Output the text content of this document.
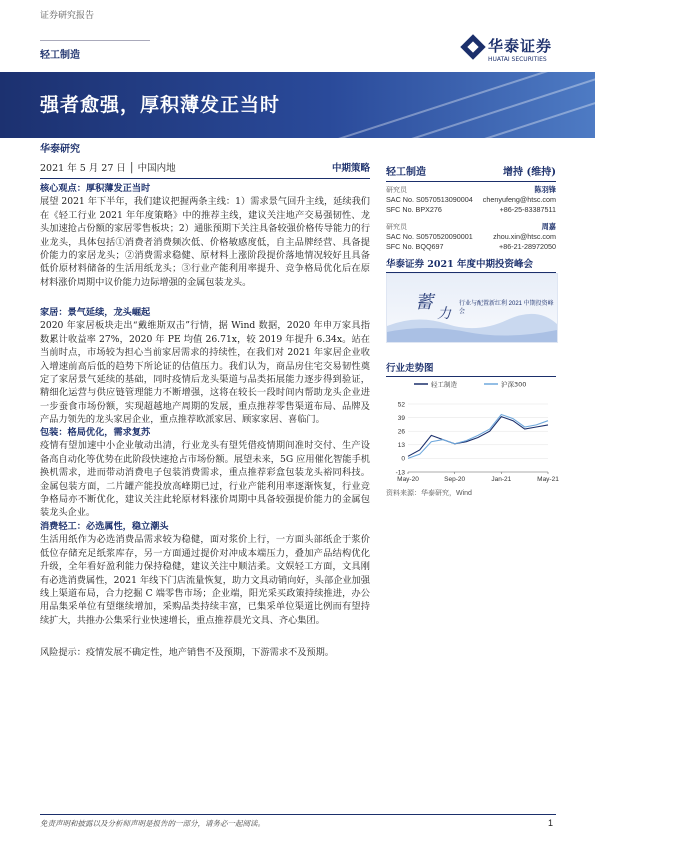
证券研究报告
轻工制造
华泰证券
HUATAI SECURITIES
强者愈强，厚积薄发正当时
华泰研究
2021 年 5 月 27 日 │ 中国内地	中期策略
核心观点：厚积薄发正当时
展望 2021 年下半年，我们建议把握两条主线：1）需求景气回升主线，延续我们在《轻工行业 2021 年年度策略》中的推荐主线，建议关注地产交易强韧性、龙头加速抢占份额的家居零售板块；2）通胀预期下关注具备较强价格传导能力的行业龙头，具体包括①消费者消费频次低、价格敏感度低，自主品牌经营、具备提价能力的家居龙头；②消费需求稳健、原材料上涨阶段提价落地情况较好且具备低价原材料储备的生活用纸龙头；③行业产能利用率提升、竞争格局优化后在原材料涨价周期中议价能力边际增强的金属包装龙头。
家居：景气延续，龙头崛起
2020 年家居板块走出“戴维斯双击”行情，据 Wind 数据，2020 年申万家具指数累计收益率 27%，2020 年 PE 均值 26.71x，较 2019 年提升 6.34x。站在当前时点，市场较为担心当前家居需求的持续性，在我们对 2021 年家居企业收入增速前高后低的趋势下所论证的估值压力。我们认为，商品房住宅交易韧性奠定了家居景气延续的基础，同时疫情后龙头渠道与品类拓展能力逐步得到验证，精细化运营与供应链管理能力不断增强，这将在较长一段时间内帮助龙头企业进一步蚕食市场份额，实现超越地产周期的发展，重点推荐零售渠道布局、品牌及产品力领先的龙头家居企业，重点推荐欧派家居、顾家家居、喜临门。
包装：格局优化，需求复苏
疫情有望加速中小企业敏动出清，行业龙头有望凭借疫情期间准时交付、生产设备高自动化等优势在此阶段快速抢占市场份额。展望未来，5G 应用催化智能手机换机需求，进而带动消费电子包装消费需求，重点推荐彩盒包装龙头裕同科技。金属包装方面，二片罐产能投放高峰期已过，行业产能利用率逐渐恢复，行业竞争格局亦不断优化，建议关注此轮原材料涨价周期中具备较强提价能力的金属包装龙头企业。
消费轻工：必选属性，稳立潮头
生活用纸作为必选消费品需求较为稳健，面对浆价上行，一方面头部纸企于浆价低位存储充足纸浆库存，另一方面通过提价对冲成本端压力，叠加产品结构优化升级，全年看好盈利能力保持稳健，建议关注中顺洁柔。文娱轻工方面，文具刚有必选消费属性，2021 年线下门店流量恢复，助力文具动销向好，头部企业加强线上渠道布局，合力挖掘 C 端零售市场；企业端，阳光采买政策持续推进，办公用品集采单位有望继续增加，采购品类持续丰富，已集采单位渠道比例而有望持续扩大，共推办公集采行业快速增长，重点推荐晨光文具、齐心集团。
风险提示：疫情发展不确定性，地产销售不及预期，下游需求不及预期。
轻工制造	增持 (维持)
研究员	陈羽锋
SAC No. S0570513090004 chenyufeng@htsc.com
SFC No. BPX276	+86-25-83387511
研究员	周嘉
SAC No. S0570520090001	zhou.xin@htsc.com
SFC No. BQQ697	+86-21-28972050
华泰证券 2021 年度中期投资峰会
蓄
力
行业与配置新红利 2021 中期投资峰会
行业走势图
轻工制造	沪深300
52
39
26
13
0
-13
May-20	Sep-20	Jan-21	May-21
资料来源：华泰研究，Wind
免责声明和披露以及分析师声明是报告的一部分，请务必一起阅读。	1
